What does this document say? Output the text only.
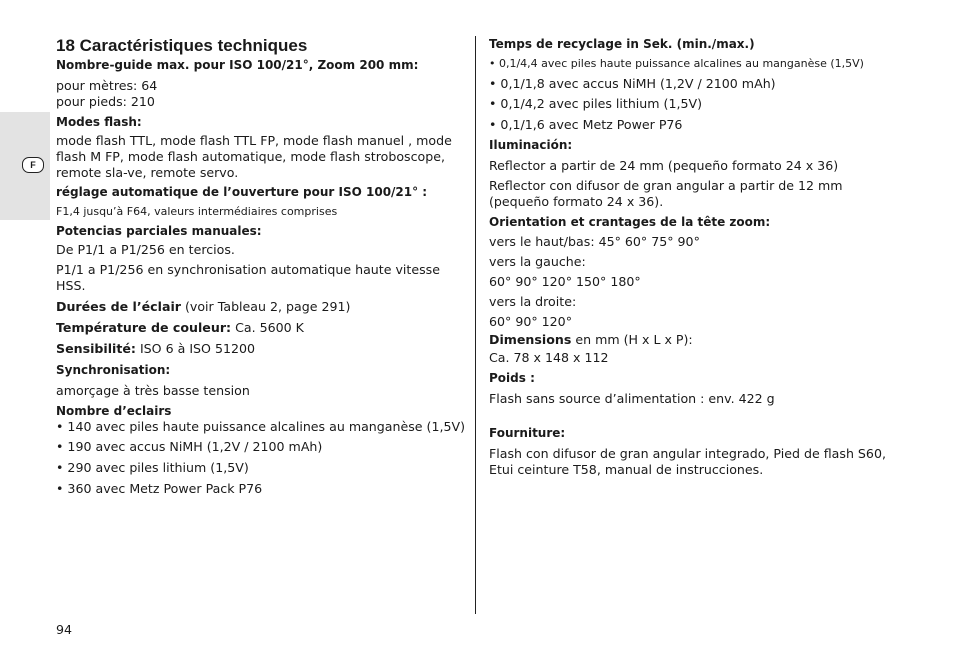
F
18 Caractéristiques techniques
Nombre-guide max. pour ISO 100/21°, Zoom 200 mm:
pour mètres: 64
pour pieds: 210
Modes flash:
mode flash TTL, mode flash TTL FP, mode flash manuel , mode flash M FP, mode flash automatique, mode flash stroboscope, remote sla-ve, remote servo.
réglage automatique de l’ouverture pour ISO 100/21° :
F1,4 jusqu’à F64, valeurs intermédiaires comprises
Potencias parciales manuales:
De P1/1 a P1/256 en tercios.
P1/1 a P1/256 en synchronisation automatique haute vitesse HSS.
Durées de l’éclair (voir Tableau 2, page 291)
Température de couleur: Ca. 5600 K
Sensibilité: ISO 6 à ISO 51200
Synchronisation:
amorçage à très basse tension
Nombre d’eclairs
• 140 avec piles haute puissance alcalines au manganèse (1,5V)
• 190 avec accus NiMH (1,2V / 2100 mAh)
• 290 avec piles lithium (1,5V)
• 360 avec Metz Power Pack P76
Temps de recyclage in Sek. (min./max.)
• 0,1/4,4 avec piles haute puissance alcalines au manganèse (1,5V)
• 0,1/1,8 avec accus NiMH (1,2V / 2100 mAh)
• 0,1/4,2 avec piles lithium (1,5V)
• 0,1/1,6 avec Metz Power P76
Iluminación:
Reflector a partir de 24 mm (pequeño formato 24 x 36)
Reflector con difusor de gran angular a partir de 12 mm (pequeño formato 24 x 36).
Orientation et crantages de la tête zoom:
vers le haut/bas: 45° 60° 75° 90°
vers la gauche:
60° 90° 120° 150° 180°
vers la droite:
60° 90° 120°
Dimensions en mm (H x L x P):
Ca. 78 x 148 x 112
Poids :
Flash sans source d’alimentation : env. 422 g
Fourniture:
Flash con difusor de gran angular integrado, Pied de flash S60, Etui ceinture T58, manual de instrucciones.
94
